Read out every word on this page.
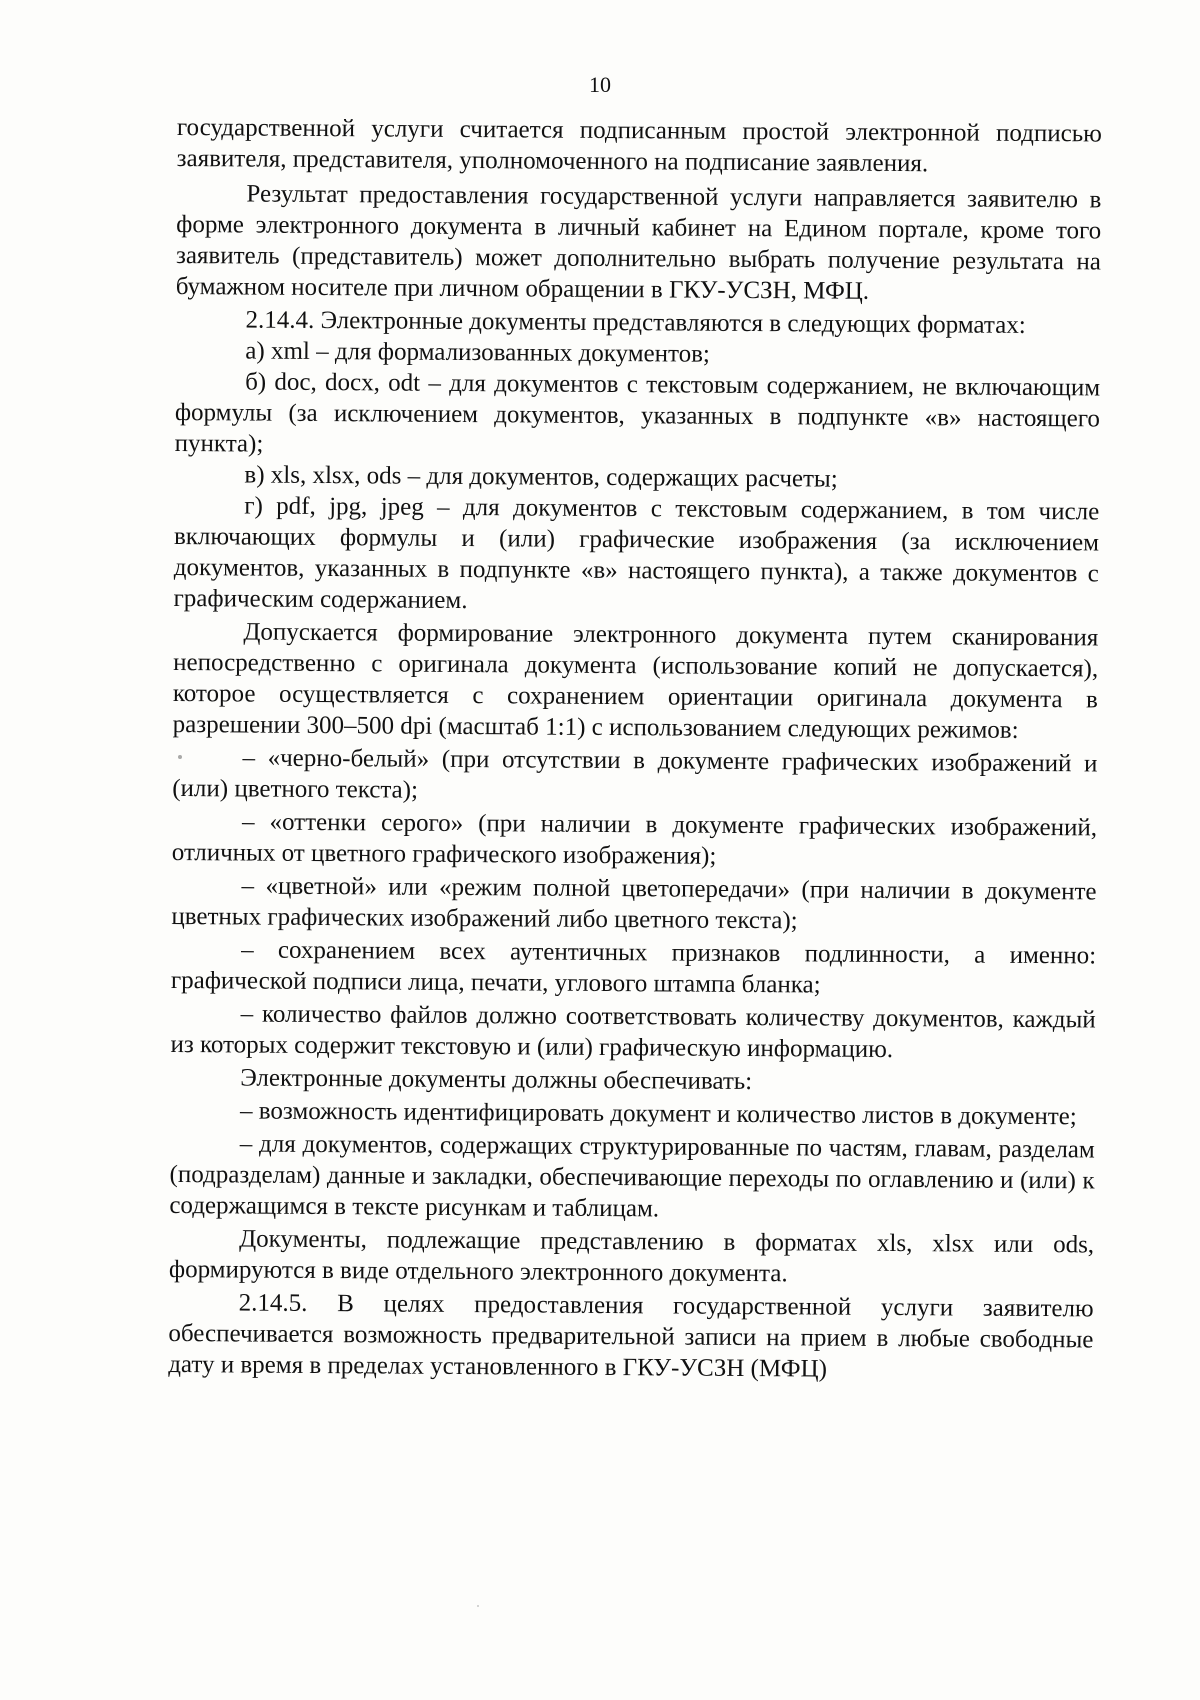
10

государственной услуги считается подписанным простой электронной подписью заявителя, представителя, уполномоченного на подписание заявления.

Результат предоставления государственной услуги направляется заявителю в форме электронного документа в личный кабинет на Едином портале, кроме того заявитель (представитель) может дополнительно выбрать получение результата на бумажном носителе при личном обращении в ГКУ-УСЗН, МФЦ.

2.14.4. Электронные документы представляются в следующих форматах:

а) xml – для формализованных документов;

б) doc, docx, odt – для документов с текстовым содержанием, не включающим формулы (за исключением документов, указанных в подпункте «в» настоящего пункта);

в) xls, xlsx, ods – для документов, содержащих расчеты;

г) pdf, jpg, jpeg – для документов с текстовым содержанием, в том числе включающих формулы и (или) графические изображения (за исключением документов, указанных в подпункте «в» настоящего пункта), а также документов с графическим содержанием.

Допускается формирование электронного документа путем сканирования непосредственно с оригинала документа (использование копий не допускается), которое осуществляется с сохранением ориентации оригинала документа в разрешении 300–500 dpi (масштаб 1:1) с использованием следующих режимов:

– «черно-белый» (при отсутствии в документе графических изображений и (или) цветного текста);

– «оттенки серого» (при наличии в документе графических изображений, отличных от цветного графического изображения);

– «цветной» или «режим полной цветопередачи» (при наличии в документе цветных графических изображений либо цветного текста);

– сохранением всех аутентичных признаков подлинности, а именно: графической подписи лица, печати, углового штампа бланка;

– количество файлов должно соответствовать количеству документов, каждый из которых содержит текстовую и (или) графическую информацию.

Электронные документы должны обеспечивать:

– возможность идентифицировать документ и количество листов в документе;

– для документов, содержащих структурированные по частям, главам, разделам (подразделам) данные и закладки, обеспечивающие переходы по оглавлению и (или) к содержащимся в тексте рисункам и таблицам.

Документы, подлежащие представлению в форматах xls, xlsx или ods, формируются в виде отдельного электронного документа.

2.14.5. В целях предоставления государственной услуги заявителю обеспечивается возможность предварительной записи на прием в любые свободные дату и время в пределах установленного в ГКУ-УСЗН (МФЦ)
